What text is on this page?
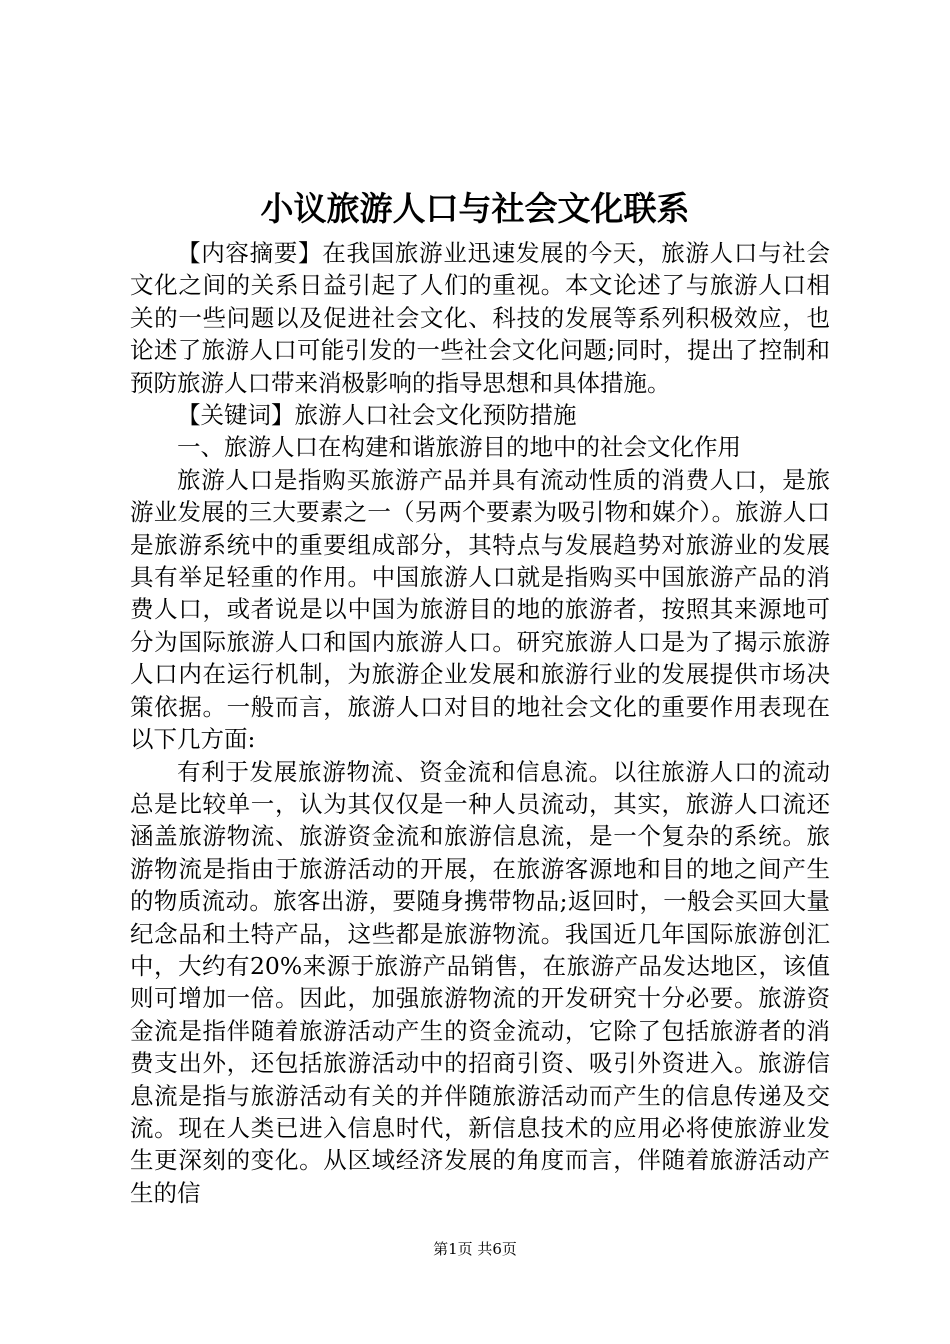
小议旅游人口与社会文化联系

【内容摘要】在我国旅游业迅速发展的今天，旅游人口与社会文化之间的关系日益引起了人们的重视。本文论述了与旅游人口相关的一些问题以及促进社会文化、科技的发展等系列积极效应，也论述了旅游人口可能引发的一些社会文化问题;同时，提出了控制和预防旅游人口带来消极影响的指导思想和具体措施。

【关键词】旅游人口社会文化预防措施

一、旅游人口在构建和谐旅游目的地中的社会文化作用

旅游人口是指购买旅游产品并具有流动性质的消费人口，是旅游业发展的三大要素之一（另两个要素为吸引物和媒介）。旅游人口是旅游系统中的重要组成部分，其特点与发展趋势对旅游业的发展具有举足轻重的作用。中国旅游人口就是指购买中国旅游产品的消费人口，或者说是以中国为旅游目的地的旅游者，按照其来源地可分为国际旅游人口和国内旅游人口。研究旅游人口是为了揭示旅游人口内在运行机制，为旅游企业发展和旅游行业的发展提供市场决策依据。一般而言，旅游人口对目的地社会文化的重要作用表现在以下几方面:

有利于发展旅游物流、资金流和信息流。以往旅游人口的流动总是比较单一，认为其仅仅是一种人员流动，其实，旅游人口流还涵盖旅游物流、旅游资金流和旅游信息流，是一个复杂的系统。旅游物流是指由于旅游活动的开展，在旅游客源地和目的地之间产生的物质流动。旅客出游，要随身携带物品;返回时，一般会买回大量纪念品和土特产品，这些都是旅游物流。我国近几年国际旅游创汇中，大约有20%来源于旅游产品销售，在旅游产品发达地区，该值则可增加一倍。因此，加强旅游物流的开发研究十分必要。旅游资金流是指伴随着旅游活动产生的资金流动，它除了包括旅游者的消费支出外，还包括旅游活动中的招商引资、吸引外资进入。旅游信息流是指与旅游活动有关的并伴随旅游活动而产生的信息传递及交流。现在人类已进入信息时代，新信息技术的应用必将使旅游业发生更深刻的变化。从区域经济发展的角度而言，伴随着旅游活动产生的信

第1页 共6页
